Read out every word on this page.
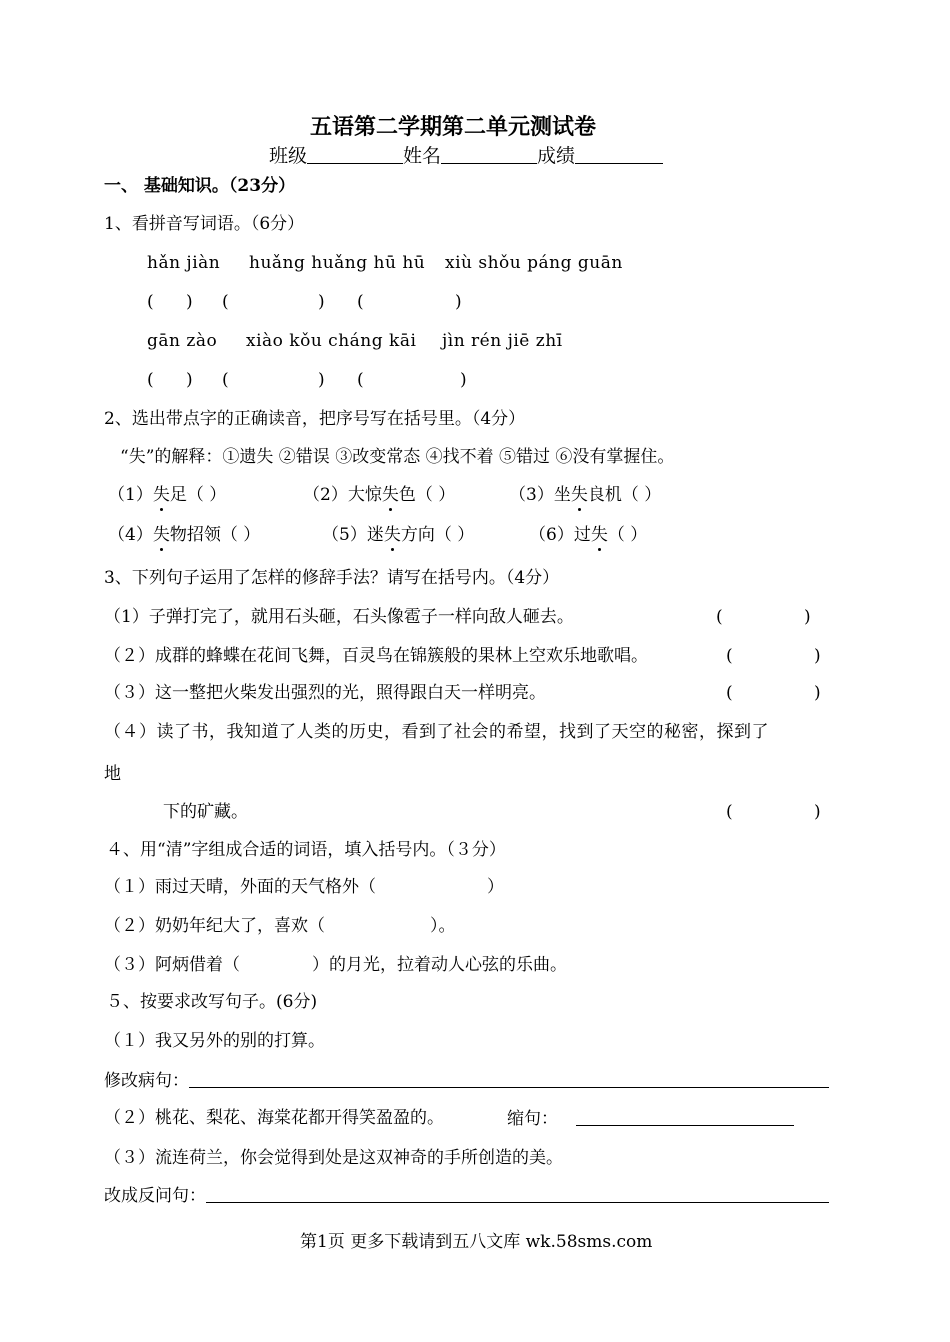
五语第二学期第二单元测试卷
班级	姓名	成绩
一、 基础知识。（23分）
1、看拼音写词语。（6分）
hǎn jiàn huǎng huǎng hū hū xiù shǒu páng guān
( ) (	) (	)
gān zào xiào kǒu cháng kāi jìn rén jiē zhī
( ) (	) (	)
2、选出带点字的正确读音，把序号写在括号里。（4分）
“失”的解释：①遗失 ②错误 ③改变常态 ④找不着 ⑤错过 ⑥没有掌握住。
（1）失足（ ）	（2）大惊失色（ ）	（3）坐失良机（ ）
（4）失物招领（ ）	（5）迷失方向（ ）	（6）过失（ ）
3、下列句子运用了怎样的修辞手法？请写在括号内。（4分）
（1）子弹打完了，就用石头砸，石头像雹子一样向敌人砸去。	(	)
（２）成群的蜂蝶在花间飞舞，百灵鸟在锦簇般的果林上空欢乐地歌唱。	(	)
（３）这一整把火柴发出强烈的光，照得跟白天一样明亮。	(	)
（４）读了书，我知道了人类的历史，看到了社会的希望，找到了天空的秘密，探到了
地
下的矿藏。	(	)
４、用“清”字组成合适的词语，填入括号内。（３分）
（１）雨过天晴，外面的天气格外（	）
（２）奶奶年纪大了，喜欢（	）。
（３）阿炳借着（	）的月光，拉着动人心弦的乐曲。
５、按要求改写句子。(6分)
（１）我又另外的别的打算。
修改病句：
（２）桃花、梨花、海棠花都开得笑盈盈的。	缩句：
（３）流连荷兰，你会觉得到处是这双神奇的手所创造的美。
改成反问句：
第1页 更多下载请到五八文库 wk.58sms.com
